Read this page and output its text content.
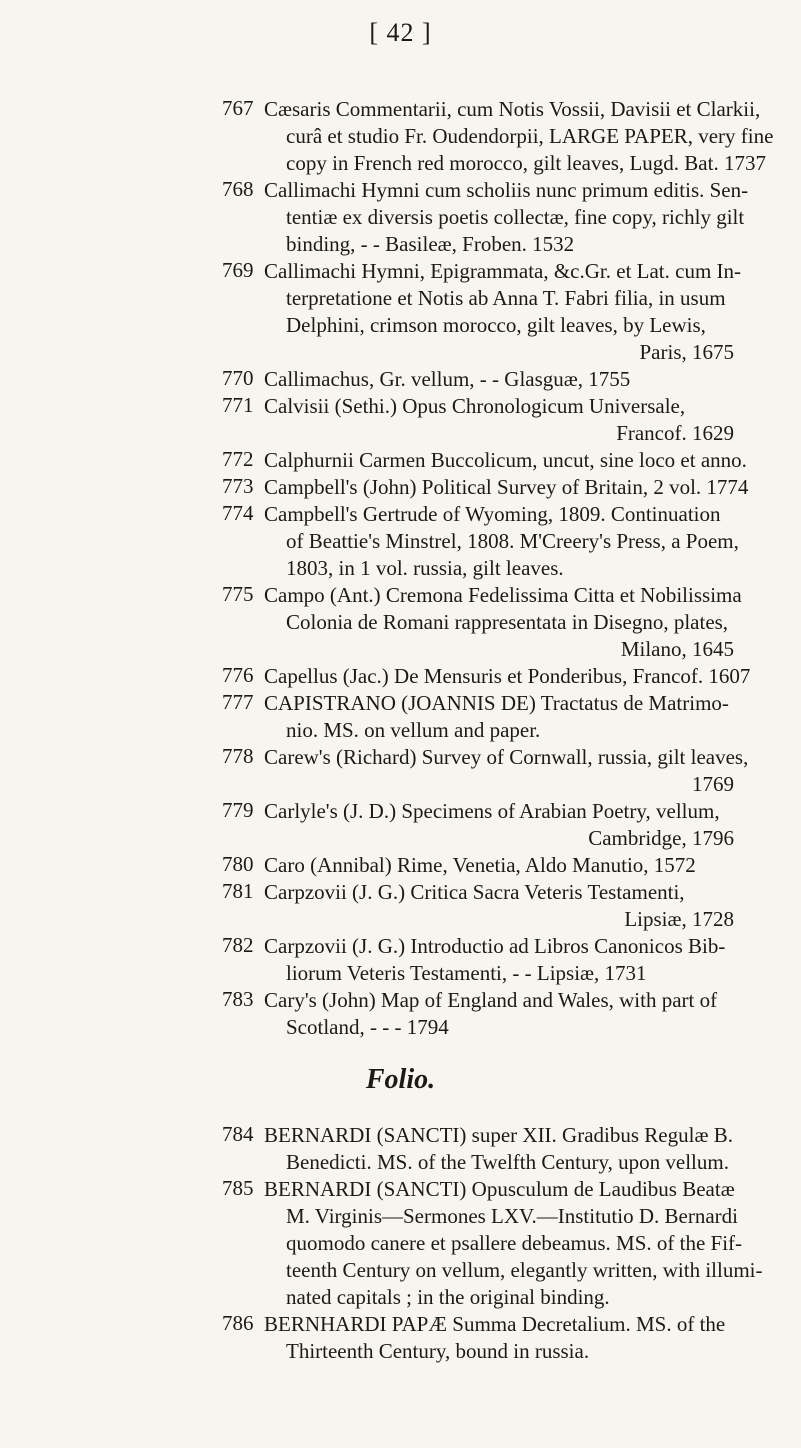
[ 42 ]
767 Cæsaris Commentarii, cum Notis Vossii, Davisii et Clarkii,
curâ et studio Fr. Oudendorpii, LARGE PAPER, very fine
copy in French red morocco, gilt leaves, Lugd. Bat. 1737
768 Callimachi Hymni cum scholiis nunc primum editis. Sen-
tentiæ ex diversis poetis collectæ, fine copy, richly gilt
binding, - - Basileæ, Froben. 1532
769 Callimachi Hymni, Epigrammata, &c.Gr. et Lat. cum In-
terpretatione et Notis ab Anna T. Fabri filia, in usum
Delphini, crimson morocco, gilt leaves, by Lewis,
Paris, 1675
770 Callimachus, Gr. vellum, - - Glasguæ, 1755
771 Calvisii (Sethi.) Opus Chronologicum Universale,
Francof. 1629
772 Calphurnii Carmen Buccolicum, uncut, sine loco et anno.
773 Campbell's (John) Political Survey of Britain, 2 vol. 1774
774 Campbell's Gertrude of Wyoming, 1809. Continuation
of Beattie's Minstrel, 1808. M'Creery's Press, a Poem,
1803, in 1 vol. russia, gilt leaves.
775 Campo (Ant.) Cremona Fedelissima Citta et Nobilissima
Colonia de Romani rappresentata in Disegno, plates,
Milano, 1645
776 Capellus (Jac.) De Mensuris et Ponderibus, Francof. 1607
777 CAPISTRANO (JOANNIS DE) Tractatus de Matrimo-
nio. MS. on vellum and paper.
778 Carew's (Richard) Survey of Cornwall, russia, gilt leaves,
1769
779 Carlyle's (J. D.) Specimens of Arabian Poetry, vellum,
Cambridge, 1796
780 Caro (Annibal) Rime, Venetia, Aldo Manutio, 1572
781 Carpzovii (J. G.) Critica Sacra Veteris Testamenti,
Lipsiæ, 1728
782 Carpzovii (J. G.) Introductio ad Libros Canonicos Bib-
liorum Veteris Testamenti, - - Lipsiæ, 1731
783 Cary's (John) Map of England and Wales, with part of
Scotland, - - - 1794
Folio.
784 BERNARDI (SANCTI) super XII. Gradibus Regulæ B.
Benedicti. MS. of the Twelfth Century, upon vellum.
785 BERNARDI (SANCTI) Opusculum de Laudibus Beatæ
M. Virginis—Sermones LXV.—Institutio D. Bernardi
quomodo canere et psallere debeamus. MS. of the Fif-
teenth Century on vellum, elegantly written, with illumi-
nated capitals ; in the original binding.
786 BERNHARDI PAPÆ Summa Decretalium. MS. of the
Thirteenth Century, bound in russia.
